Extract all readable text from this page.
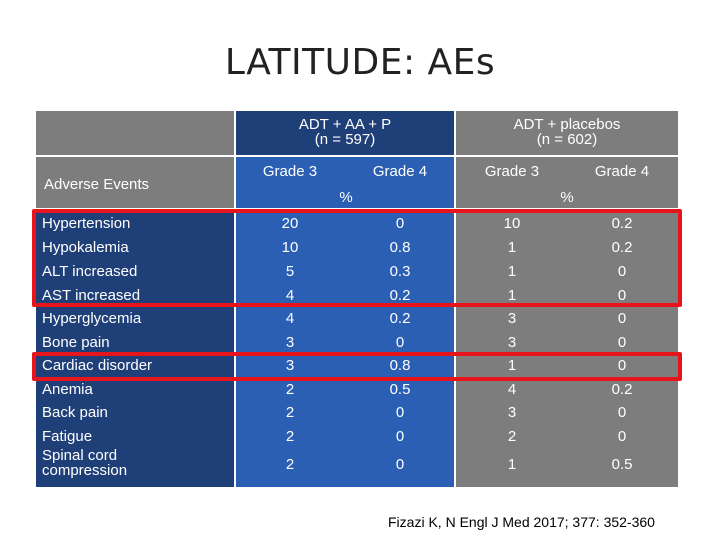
LATITUDE: AEs
ADT + AA + P
(n = 597)
ADT + placebos
(n = 602)
Adverse Events
Grade 3	Grade 4	Grade 3	Grade 4
%	%
Hypertension	20	0	10	0.2
Hypokalemia	10	0.8	1	0.2
ALT increased	5	0.3	1	0
AST increased	4	0.2	1	0
Hyperglycemia	4	0.2	3	0
Bone pain	3	0	3	0
Cardiac disorder	3	0.8	1	0
Anemia	2	0.5	4	0.2
Back pain	2	0	3	0
Fatigue	2	0	2	0
Spinal cord compression	2	0	1	0.5
Fizazi K, N Engl J Med 2017; 377: 352-360
